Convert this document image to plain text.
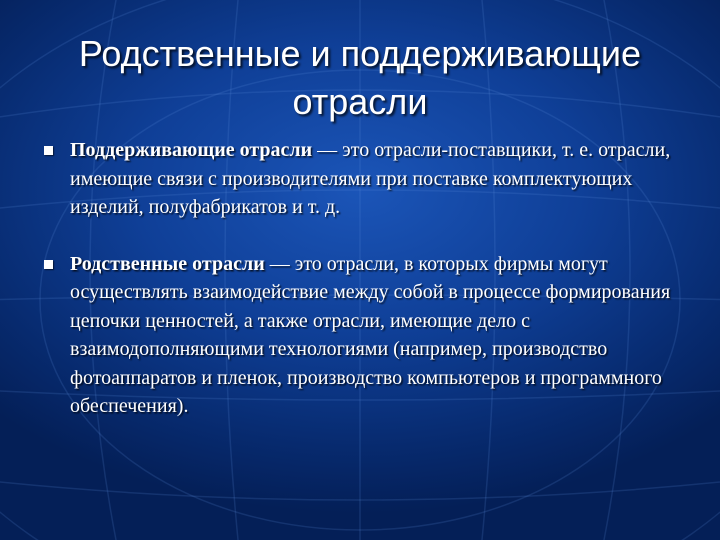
Родственные и поддерживающие отрасли
Поддерживающие отрасли — это отрасли-поставщики, т. е. отрасли, имеющие связи с производителями при поставке комплектующих изделий, полуфабрикатов и т. д.
Родственные отрасли — это отрасли, в которых фирмы могут осуществлять взаимодействие между собой в процессе формирования цепочки ценностей, а также отрасли, имеющие дело с взаимодополняющими технологиями (например, производство фотоаппаратов и пленок, производство компьютеров и программного обеспечения).
